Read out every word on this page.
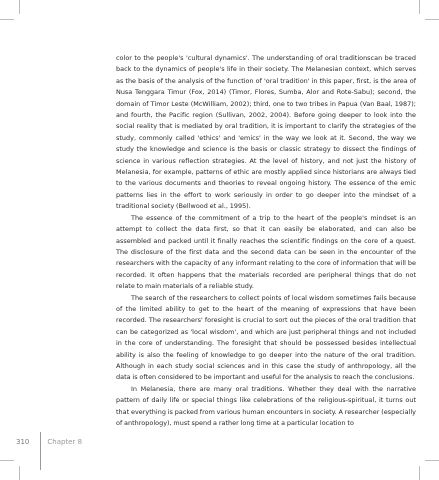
color to the people's 'cultural dynamics'. The understanding of oral traditionscan be traced back to the dynamics of people's life in their society. The Melanesian context, which serves as the basis of the analysis of the function of 'oral tradition' in this paper, first, is the area of Nusa Tenggara Timur (Fox, 2014) (Timor, Flores, Sumba, Alor and Rote-Sabu); second, the domain of Timor Leste (McWilliam, 2002); third, one to two tribes in Papua (Van Baal, 1987); and fourth, the Pacific region (Sullivan, 2002, 2004). Before going deeper to look into the social reality that is mediated by oral tradition, it is important to clarify the strategies of the study, commonly called 'ethics' and 'emics' in the way we look at it. Second, the way we study the knowledge and science is the basis or classic strategy to dissect the findings of science in various reflection strategies. At the level of history, and not just the history of Melanesia, for example, patterns of ethic are mostly applied since historians are always tied to the various documents and theories to reveal ongoing history. The essence of the emic patterns lies in the effort to work seriously in order to go deeper into the mindset of a traditional society (Bellwood et al., 1995).

The essence of the commitment of a trip to the heart of the people's mindset is an attempt to collect the data first, so that it can easily be elaborated, and can also be assembled and packed until it finally reaches the scientific findings on the core of a quest. The disclosure of the first data and the second data can be seen in the encounter of the researchers with the capacity of any informant relating to the core of information that will be recorded. It often happens that the materials recorded are peripheral things that do not relate to main materials of a reliable study.

The search of the researchers to collect points of local wisdom sometimes fails because of the limited ability to get to the heart of the meaning of expressions that have been recorded. The researchers' foresight is crucial to sort out the pieces of the oral tradition that can be categorized as 'local wisdom', and which are just peripheral things and not included in the core of understanding. The foresight that should be possessed besides intellectual ability is also the feeling of knowledge to go deeper into the nature of the oral tradition. Although in each study social sciences and in this case the study of anthropology, all the data is often considered to be important and useful for the analysis to reach the conclusions.

In Melanesia, there are many oral traditions. Whether they deal with the narrative pattern of daily life or special things like celebrations of the religious-spiritual, it turns out that everything is packed from various human encounters in society. A researcher (especially of anthropology), must spend a rather long time at a particular location to

310	Chapter 8
